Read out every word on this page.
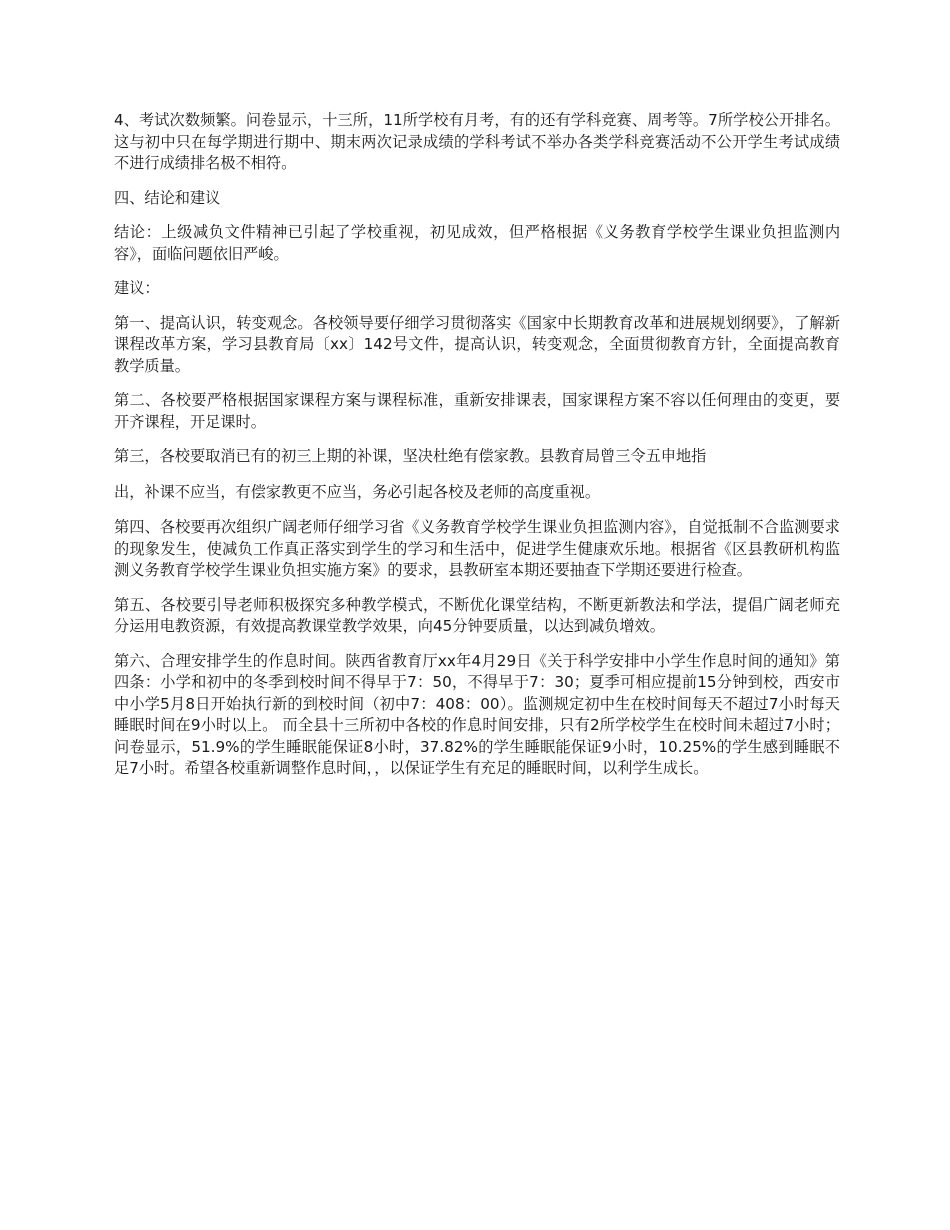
4、考试次数频繁。问卷显示，十三所，11所学校有月考，有的还有学科竞赛、周考等。7所学校公开排名。这与初中只在每学期进行期中、期末两次记录成绩的学科考试不举办各类学科竞赛活动不公开学生考试成绩不进行成绩排名极不相符。

四、结论和建议

结论：上级减负文件精神已引起了学校重视，初见成效，但严格根据《义务教育学校学生课业负担监测内容》，面临问题依旧严峻。

建议：

第一、提高认识，转变观念。各校领导要仔细学习贯彻落实《国家中长期教育改革和进展规划纲要》，了解新课程改革方案，学习县教育局〔xx〕142号文件，提高认识，转变观念，全面贯彻教育方针，全面提高教育教学质量。

第二、各校要严格根据国家课程方案与课程标准，重新安排课表，国家课程方案不容以任何理由的变更，要开齐课程，开足课时。

第三，各校要取消已有的初三上期的补课，坚决杜绝有偿家教。县教育局曾三令五申地指

出，补课不应当，有偿家教更不应当，务必引起各校及老师的高度重视。

第四、各校要再次组织广阔老师仔细学习省《义务教育学校学生课业负担监测内容》，自觉抵制不合监测要求的现象发生，使减负工作真正落实到学生的学习和生活中，促进学生健康欢乐地。根据省《区县教研机构监测义务教育学校学生课业负担实施方案》的要求，县教研室本期还要抽查下学期还要进行检查。

第五、各校要引导老师积极探究多种教学模式，不断优化课堂结构，不断更新教法和学法，提倡广阔老师充分运用电教资源，有效提高教课堂教学效果，向45分钟要质量，以达到减负增效。

第六、合理安排学生的作息时间。陕西省教育厅xx年4月29日《关于科学安排中小学生作息时间的通知》第四条：小学和初中的冬季到校时间不得早于7：50，不得早于7：30；夏季可相应提前15分钟到校，西安市中小学5月8日开始执行新的到校时间（初中7：408：00）。监测规定初中生在校时间每天不超过7小时每天睡眠时间在9小时以上。 而全县十三所初中各校的作息时间安排，只有2所学校学生在校时间未超过7小时；问卷显示，51.9%的学生睡眠能保证8小时，37.82%的学生睡眠能保证9小时，10.25%的学生感到睡眠不足7小时。希望各校重新调整作息时间，，以保证学生有充足的睡眠时间，以利学生成长。
